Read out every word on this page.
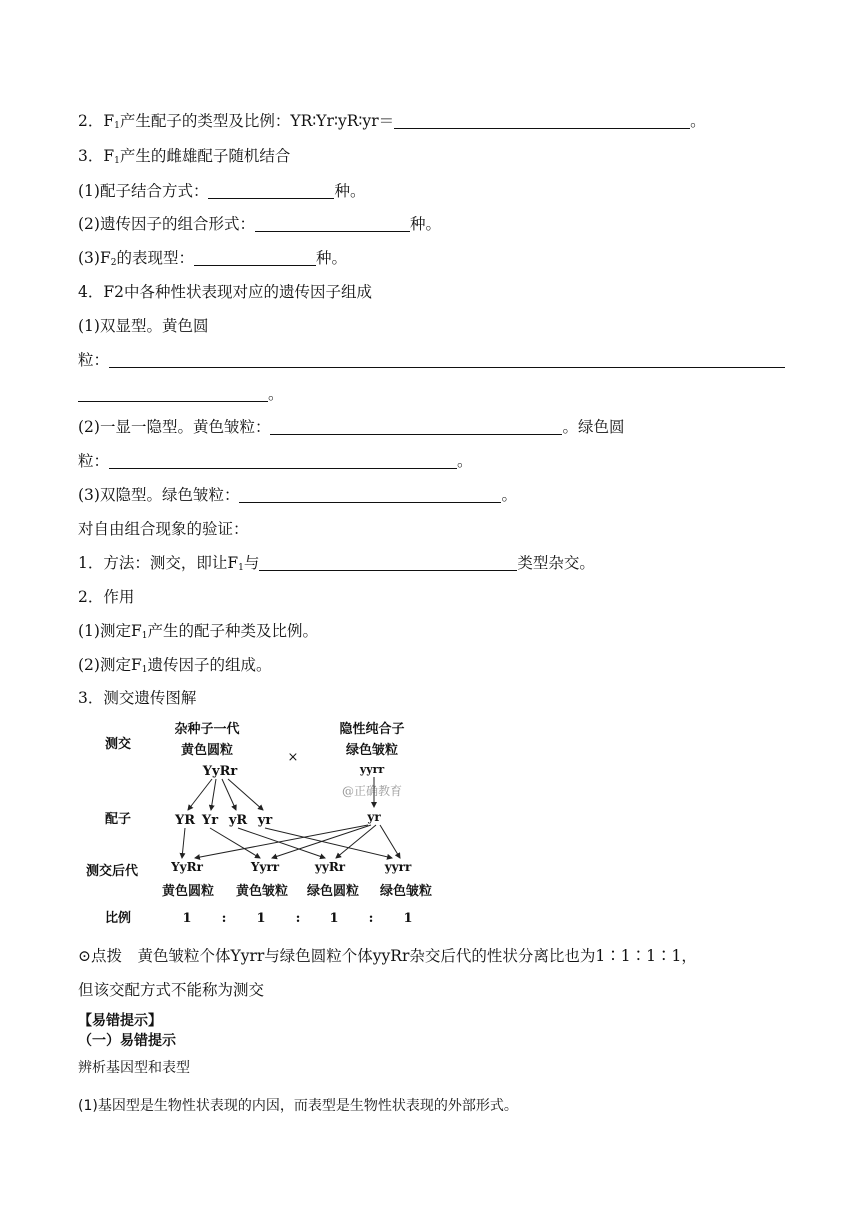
2．$F_1$产生配子的类型及比例：YR∶Yr∶yR∶yr＝	。
3．$F_1$产生的雌雄配子随机结合
(1)配子结合方式：	种。
(2)遗传因子的组合形式：	种。
$(3)F_2$的表现型：	种。
4．F2中各种性状表现对应的遗传因子组成
(1)双显型。黄色圆
粒：
。
(2)一显一隐型。黄色皱粒：	。绿色圆
粒：	。
(3)双隐型。绿色皱粒：	。
对自由组合现象的验证：
1．方法：测交，即让$F_1$与	类型杂交。
2．作用
(1)测定$F_1$产生的配子种类及比例。
(2)测定$F_1$遗传因子的组成。
3．测交遗传图解
测交
配子
测交后代
比例
杂种子一代
黄色圆粒
YyRr
隐性纯合子
绿色皱粒
yyrr
×
@正确教育
YR Yr yR yr	yr
YyRr	Yyrr	yyRr	yyrr
黄色圆粒 黄色皱粒 绿色圆粒 绿色皱粒
1 : 1 : 1 : 1
⊙点拨　黄色皱粒个体Yyrr与绿色圆粒个体yyRr杂交后代的性状分离比也为1∶1∶1∶1，
但该交配方式不能称为测交
【易错提示】
（一）易错提示
辨析基因型和表型
(1)基因型是生物性状表现的内因，而表型是生物性状表现的外部形式。
